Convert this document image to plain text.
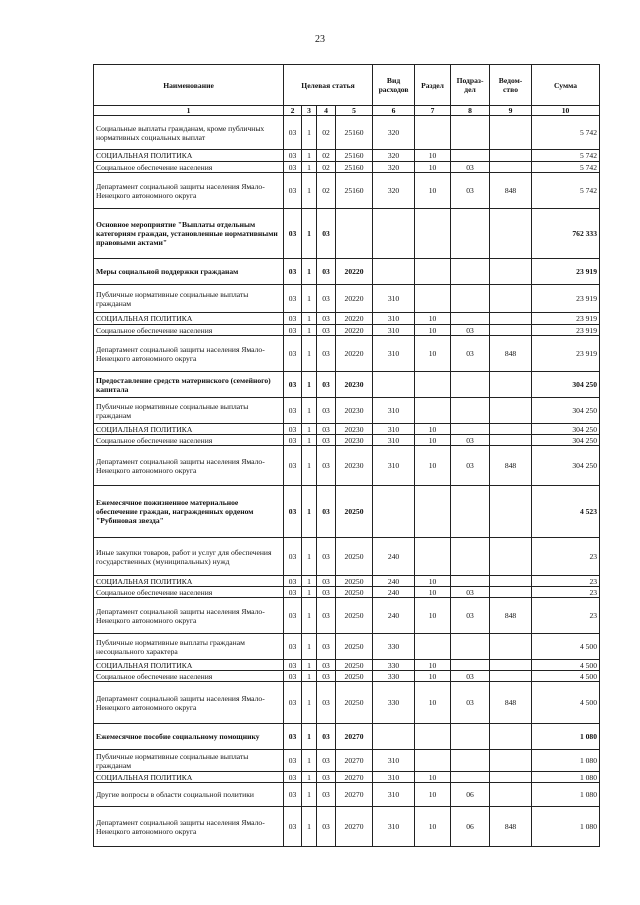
23
Наименование	Целевая статья				Вид расходов	Раздел	Подраз-дел	Ведом-ство	Сумма
1	2	3	4	5	6	7	8	9	10
Социальные выплаты гражданам, кроме публичных нормативных социальных выплат	03	1	02	25160	320				5 742
СОЦИАЛЬНАЯ ПОЛИТИКА	03	1	02	25160	320	10			5 742
Социальное обеспечение населения	03	1	02	25160	320	10	03		5 742
Департамент социальной защиты населения Ямало-Ненецкого автономного округа	03	1	02	25160	320	10	03	848	5 742
Основное мероприятие "Выплаты отдельным категориям граждан, установленные нормативными правовыми актами"	03	1	03						762 333
Меры социальной поддержки гражданам	03	1	03	20220					23 919
Публичные нормативные социальные выплаты гражданам	03	1	03	20220	310				23 919
СОЦИАЛЬНАЯ ПОЛИТИКА	03	1	03	20220	310	10			23 919
Социальное обеспечение населения	03	1	03	20220	310	10	03		23 919
Департамент социальной защиты населения Ямало-Ненецкого автономного округа	03	1	03	20220	310	10	03	848	23 919
Предоставление средств материнского (семейного) капитала	03	1	03	20230					304 250
Публичные нормативные социальные выплаты гражданам	03	1	03	20230	310				304 250
СОЦИАЛЬНАЯ ПОЛИТИКА	03	1	03	20230	310	10			304 250
Социальное обеспечение населения	03	1	03	20230	310	10	03		304 250
Департамент социальной защиты населения Ямало-Ненецкого автономного округа	03	1	03	20230	310	10	03	848	304 250
Ежемесячное пожизненное материальное обеспечение граждан, награжденных орденом "Рубиновая звезда"	03	1	03	20250					4 523
Иные закупки товаров, работ и услуг для обеспечения государственных (муниципальных) нужд	03	1	03	20250	240				23
СОЦИАЛЬНАЯ ПОЛИТИКА	03	1	03	20250	240	10			23
Социальное обеспечение населения	03	1	03	20250	240	10	03		23
Департамент социальной защиты населения Ямало-Ненецкого автономного округа	03	1	03	20250	240	10	03	848	23
Публичные нормативные выплаты гражданам несоциального характера	03	1	03	20250	330				4 500
СОЦИАЛЬНАЯ ПОЛИТИКА	03	1	03	20250	330	10			4 500
Социальное обеспечение населения	03	1	03	20250	330	10	03		4 500
Департамент социальной защиты населения Ямало-Ненецкого автономного округа	03	1	03	20250	330	10	03	848	4 500
Ежемесячное пособие социальному помощнику	03	1	03	20270					1 080
Публичные нормативные социальные выплаты гражданам	03	1	03	20270	310				1 080
СОЦИАЛЬНАЯ ПОЛИТИКА	03	1	03	20270	310	10			1 080
Другие вопросы в области социальной политики	03	1	03	20270	310	10	06		1 080
Департамент социальной защиты населения Ямало-Ненецкого автономного округа	03	1	03	20270	310	10	06	848	1 080
